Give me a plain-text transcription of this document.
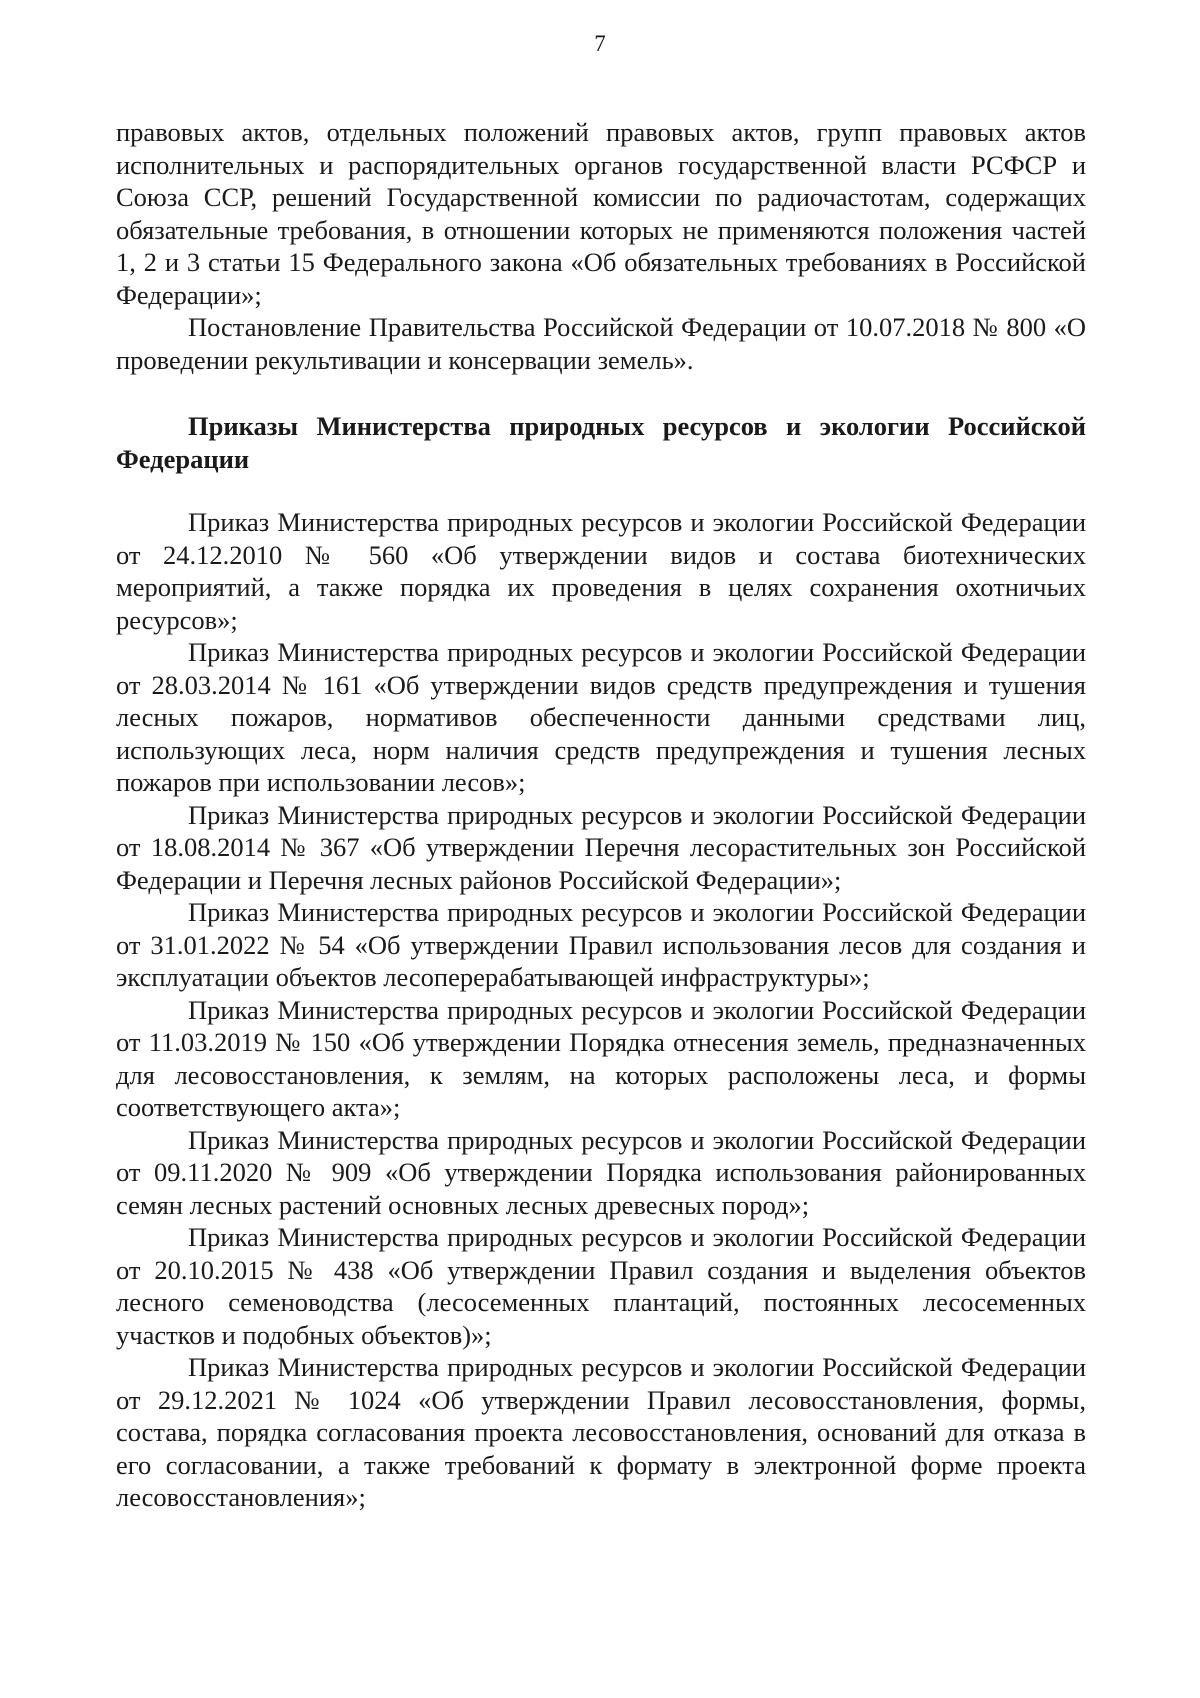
7

правовых актов, отдельных положений правовых актов, групп правовых актов исполнительных и распорядительных органов государственной власти РСФСР и Союза ССР, решений Государственной комиссии по радиочастотам, содержащих обязательные требования, в отношении которых не применяются положения частей 1, 2 и 3 статьи 15 Федерального закона «Об обязательных требованиях в Российской Федерации»;

Постановление Правительства Российской Федерации от 10.07.2018 № 800 «О проведении рекультивации и консервации земель».

Приказы Министерства природных ресурсов и экологии Российской Федерации

Приказ Министерства природных ресурсов и экологии Российской Федерации от 24.12.2010 № 560 «Об утверждении видов и состава биотехнических мероприятий, а также порядка их проведения в целях сохранения охотничьих ресурсов»;

Приказ Министерства природных ресурсов и экологии Российской Федерации от 28.03.2014 № 161 «Об утверждении видов средств предупреждения и тушения лесных пожаров, нормативов обеспеченности данными средствами лиц, использующих леса, норм наличия средств предупреждения и тушения лесных пожаров при использовании лесов»;

Приказ Министерства природных ресурсов и экологии Российской Федерации от 18.08.2014 № 367 «Об утверждении Перечня лесорастительных зон Российской Федерации и Перечня лесных районов Российской Федерации»;

Приказ Министерства природных ресурсов и экологии Российской Федерации от 31.01.2022 № 54 «Об утверждении Правил использования лесов для создания и эксплуатации объектов лесоперерабатывающей инфраструктуры»;

Приказ Министерства природных ресурсов и экологии Российской Федерации от 11.03.2019 № 150 «Об утверждении Порядка отнесения земель, предназначенных для лесовосстановления, к землям, на которых расположены леса, и формы соответствующего акта»;

Приказ Министерства природных ресурсов и экологии Российской Федерации от 09.11.2020 № 909 «Об утверждении Порядка использования районированных семян лесных растений основных лесных древесных пород»;

Приказ Министерства природных ресурсов и экологии Российской Федерации от 20.10.2015 № 438 «Об утверждении Правил создания и выделения объектов лесного семеноводства (лесосеменных плантаций, постоянных лесосеменных участков и подобных объектов)»;

Приказ Министерства природных ресурсов и экологии Российской Федерации от 29.12.2021 № 1024 «Об утверждении Правил лесовосстановления, формы, состава, порядка согласования проекта лесовосстановления, оснований для отказа в его согласовании, а также требований к формату в электронной форме проекта лесовосстановления»;
